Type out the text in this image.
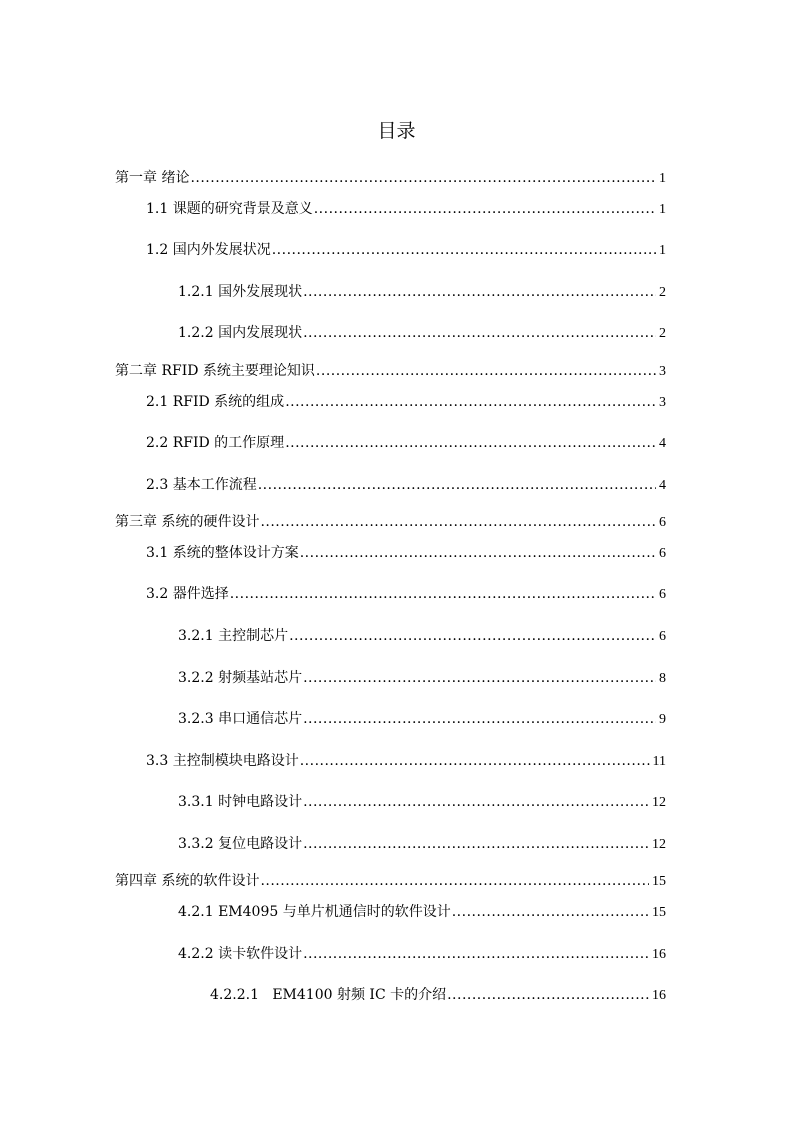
目录
第一章 绪论 .....	1
1.1 课题的研究背景及意义 .....	1
1.2 国内外发展状况 .....	1
1.2.1 国外发展现状 .....	2
1.2.2 国内发展现状 .....	2
第二章 RFID 系统主要理论知识 .....	3
2.1 RFID 系统的组成 .....	3
2.2 RFID 的工作原理 .....	4
2.3 基本工作流程 .....	4
第三章 系统的硬件设计 .....	6
3.1 系统的整体设计方案 .....	6
3.2 器件选择 .....	6
3.2.1 主控制芯片 .....	6
3.2.2 射频基站芯片 .....	8
3.2.3 串口通信芯片 .....	9
3.3 主控制模块电路设计 .....	11
3.3.1 时钟电路设计 .....	12
3.3.2 复位电路设计 .....	12
第四章 系统的软件设计 .....	15
4.2.1 EM4095 与单片机通信时的软件设计 .....	15
4.2.2 读卡软件设计 .....	16
4.2.2.1   EM4100 射频 IC 卡的介绍 .....	16
